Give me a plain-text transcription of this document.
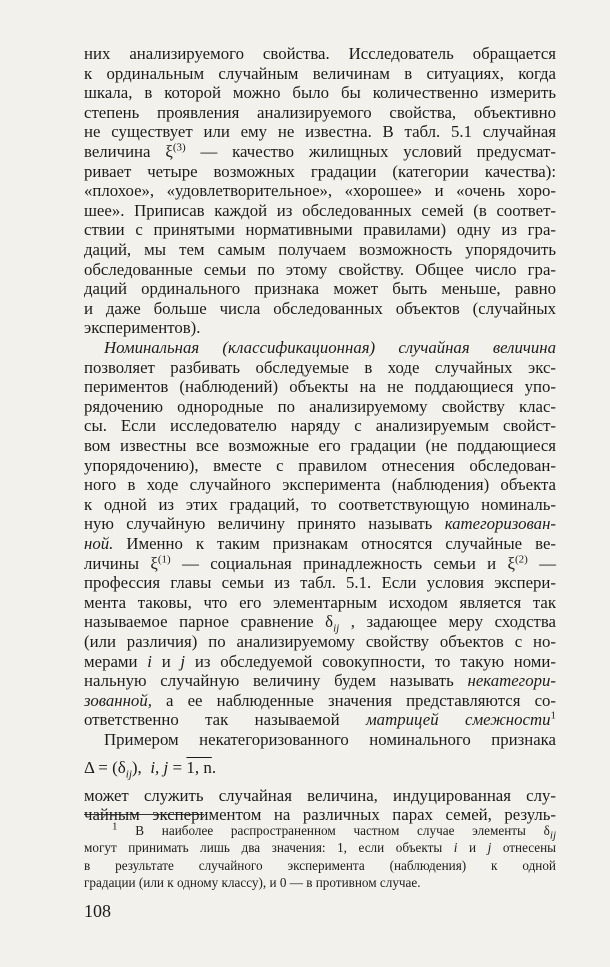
них анализируемого свойства. Исследователь обращается
к ординальным случайным величинам в ситуациях, когда
шкала, в которой можно было бы количественно измерить
степень проявления анализируемого свойства, объективно
не существует или ему не известна. В табл. 5.1 случайная
величина $\xi^{(3)}$ — качество жилищных условий предусмат-
ривает четыре возможных градации (категории качества):
«плохое», «удовлетворительное», «хорошее» и «очень хоро-
шее». Приписав каждой из обследованных семей (в соответ-
ствии с принятыми нормативными правилами) одну из гра-
даций, мы тем самым получаем возможность упорядочить
обследованные семьи по этому свойству. Общее число гра-
даций ординального признака может быть меньше, равно
и даже больше числа обследованных объектов (случайных
экспериментов).
Номинальная (классификационная) случайная величина
позволяет разбивать обследуемые в ходе случайных экс-
периментов (наблюдений) объекты на не поддающиеся упо-
рядочению однородные по анализируемому свойству клас-
сы. Если исследователю наряду с анализируемым свойст-
вом известны все возможные его градации (не поддающиеся
упорядочению), вместе с правилом отнесения обследован-
ного в ходе случайного эксперимента (наблюдения) объекта
к одной из этих градаций, то соответствующую номиналь-
ную случайную величину принято называть категоризован-
ной. Именно к таким признакам относятся случайные ве-
личины $\xi^{(1)}$ — социальная принадлежность семьи и $\xi^{(2)}$ —
профессия главы семьи из табл. 5.1. Если условия экспери-
мента таковы, что его элементарным исходом является так
называемое парное сравнение $\delta_{ij}$ , задающее меру сходства
(или различия) по анализируемому свойству объектов с но-
мерами i и j из обследуемой совокупности, то такую номи-
нальную случайную величину будем называть некатегори-
зованной, а ее наблюденные значения представляются со-
ответственно так называемой матрицей смежности$^1$
$\Delta = (\delta_{ij})$, i, j = 1, n.
Примером некатегоризованного номинального признака
может служить случайная величина, индуцированная слу-
чайным экспериментом на различных парах семей, резуль-
$^1$ В наиболее распространенном частном случае элементы $\delta_{ij}$
могут принимать лишь два значения: 1, если объекты i и j отнесены
в результате случайного эксперимента (наблюдения) к одной
градации (или к одному классу), и 0 — в противном случае.
108
